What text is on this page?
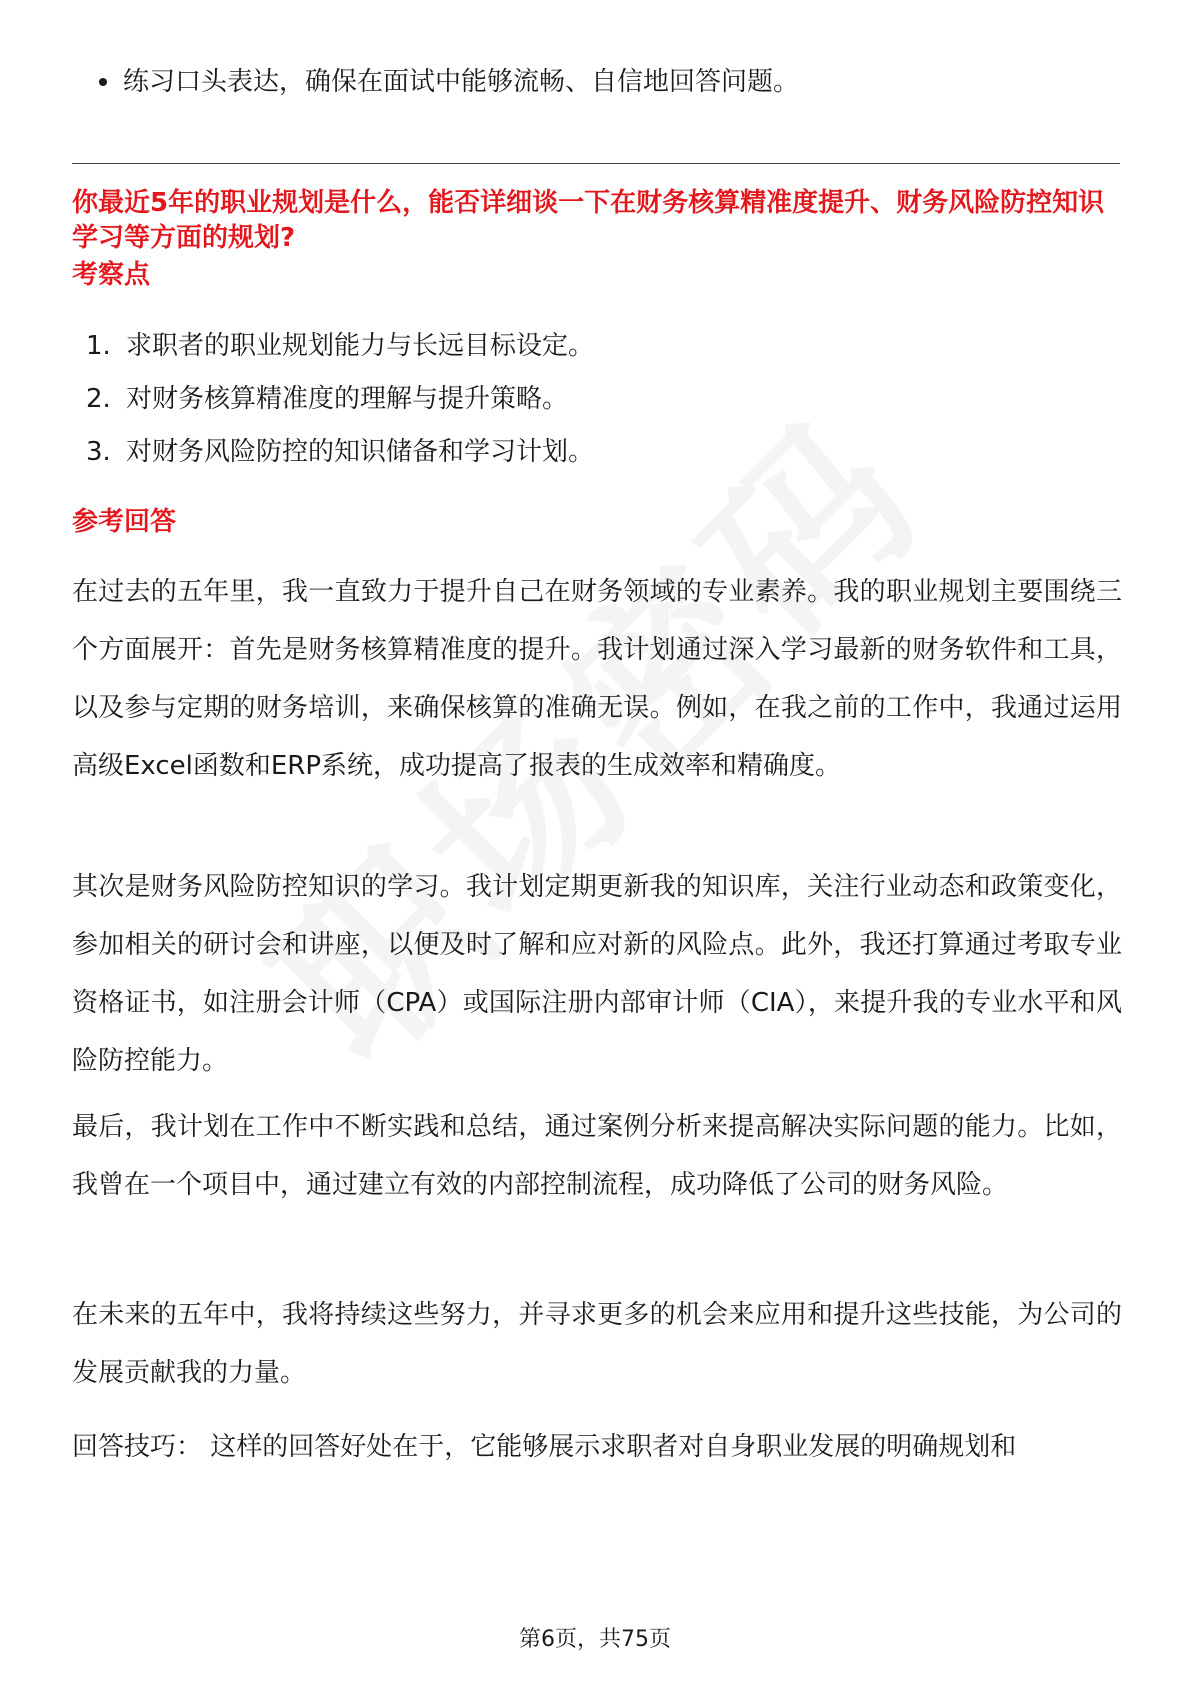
练习口头表达，确保在面试中能够流畅、自信地回答问题。
你最近5年的职业规划是什么，能否详细谈一下在财务核算精准度提升、财务风险防控知识学习等方面的规划?
考察点
1. 求职者的职业规划能力与长远目标设定。
2. 对财务核算精准度的理解与提升策略。
3. 对财务风险防控的知识储备和学习计划。
参考回答

在过去的五年里，我一直致力于提升自己在财务领域的专业素养。我的职业规划主要围绕三个方面展开：首先是财务核算精准度的提升。我计划通过深入学习最新的财务软件和工具，以及参与定期的财务培训，来确保核算的准确无误。例如，在我之前的工作中，我通过运用高级Excel函数和ERP系统，成功提高了报表的生成效率和精确度。

其次是财务风险防控知识的学习。我计划定期更新我的知识库，关注行业动态和政策变化，参加相关的研讨会和讲座，以便及时了解和应对新的风险点。此外，我还打算通过考取专业资格证书，如注册会计师（CPA）或国际注册内部审计师（CIA），来提升我的专业水平和风险防控能力。

最后，我计划在工作中不断实践和总结，通过案例分析来提高解决实际问题的能力。比如，我曾在一个项目中，通过建立有效的内部控制流程，成功降低了公司的财务风险。

在未来的五年中，我将持续这些努力，并寻求更多的机会来应用和提升这些技能，为公司的发展贡献我的力量。

回答技巧： 这样的回答好处在于，它能够展示求职者对自身职业发展的明确规划和

第6页，共75页
